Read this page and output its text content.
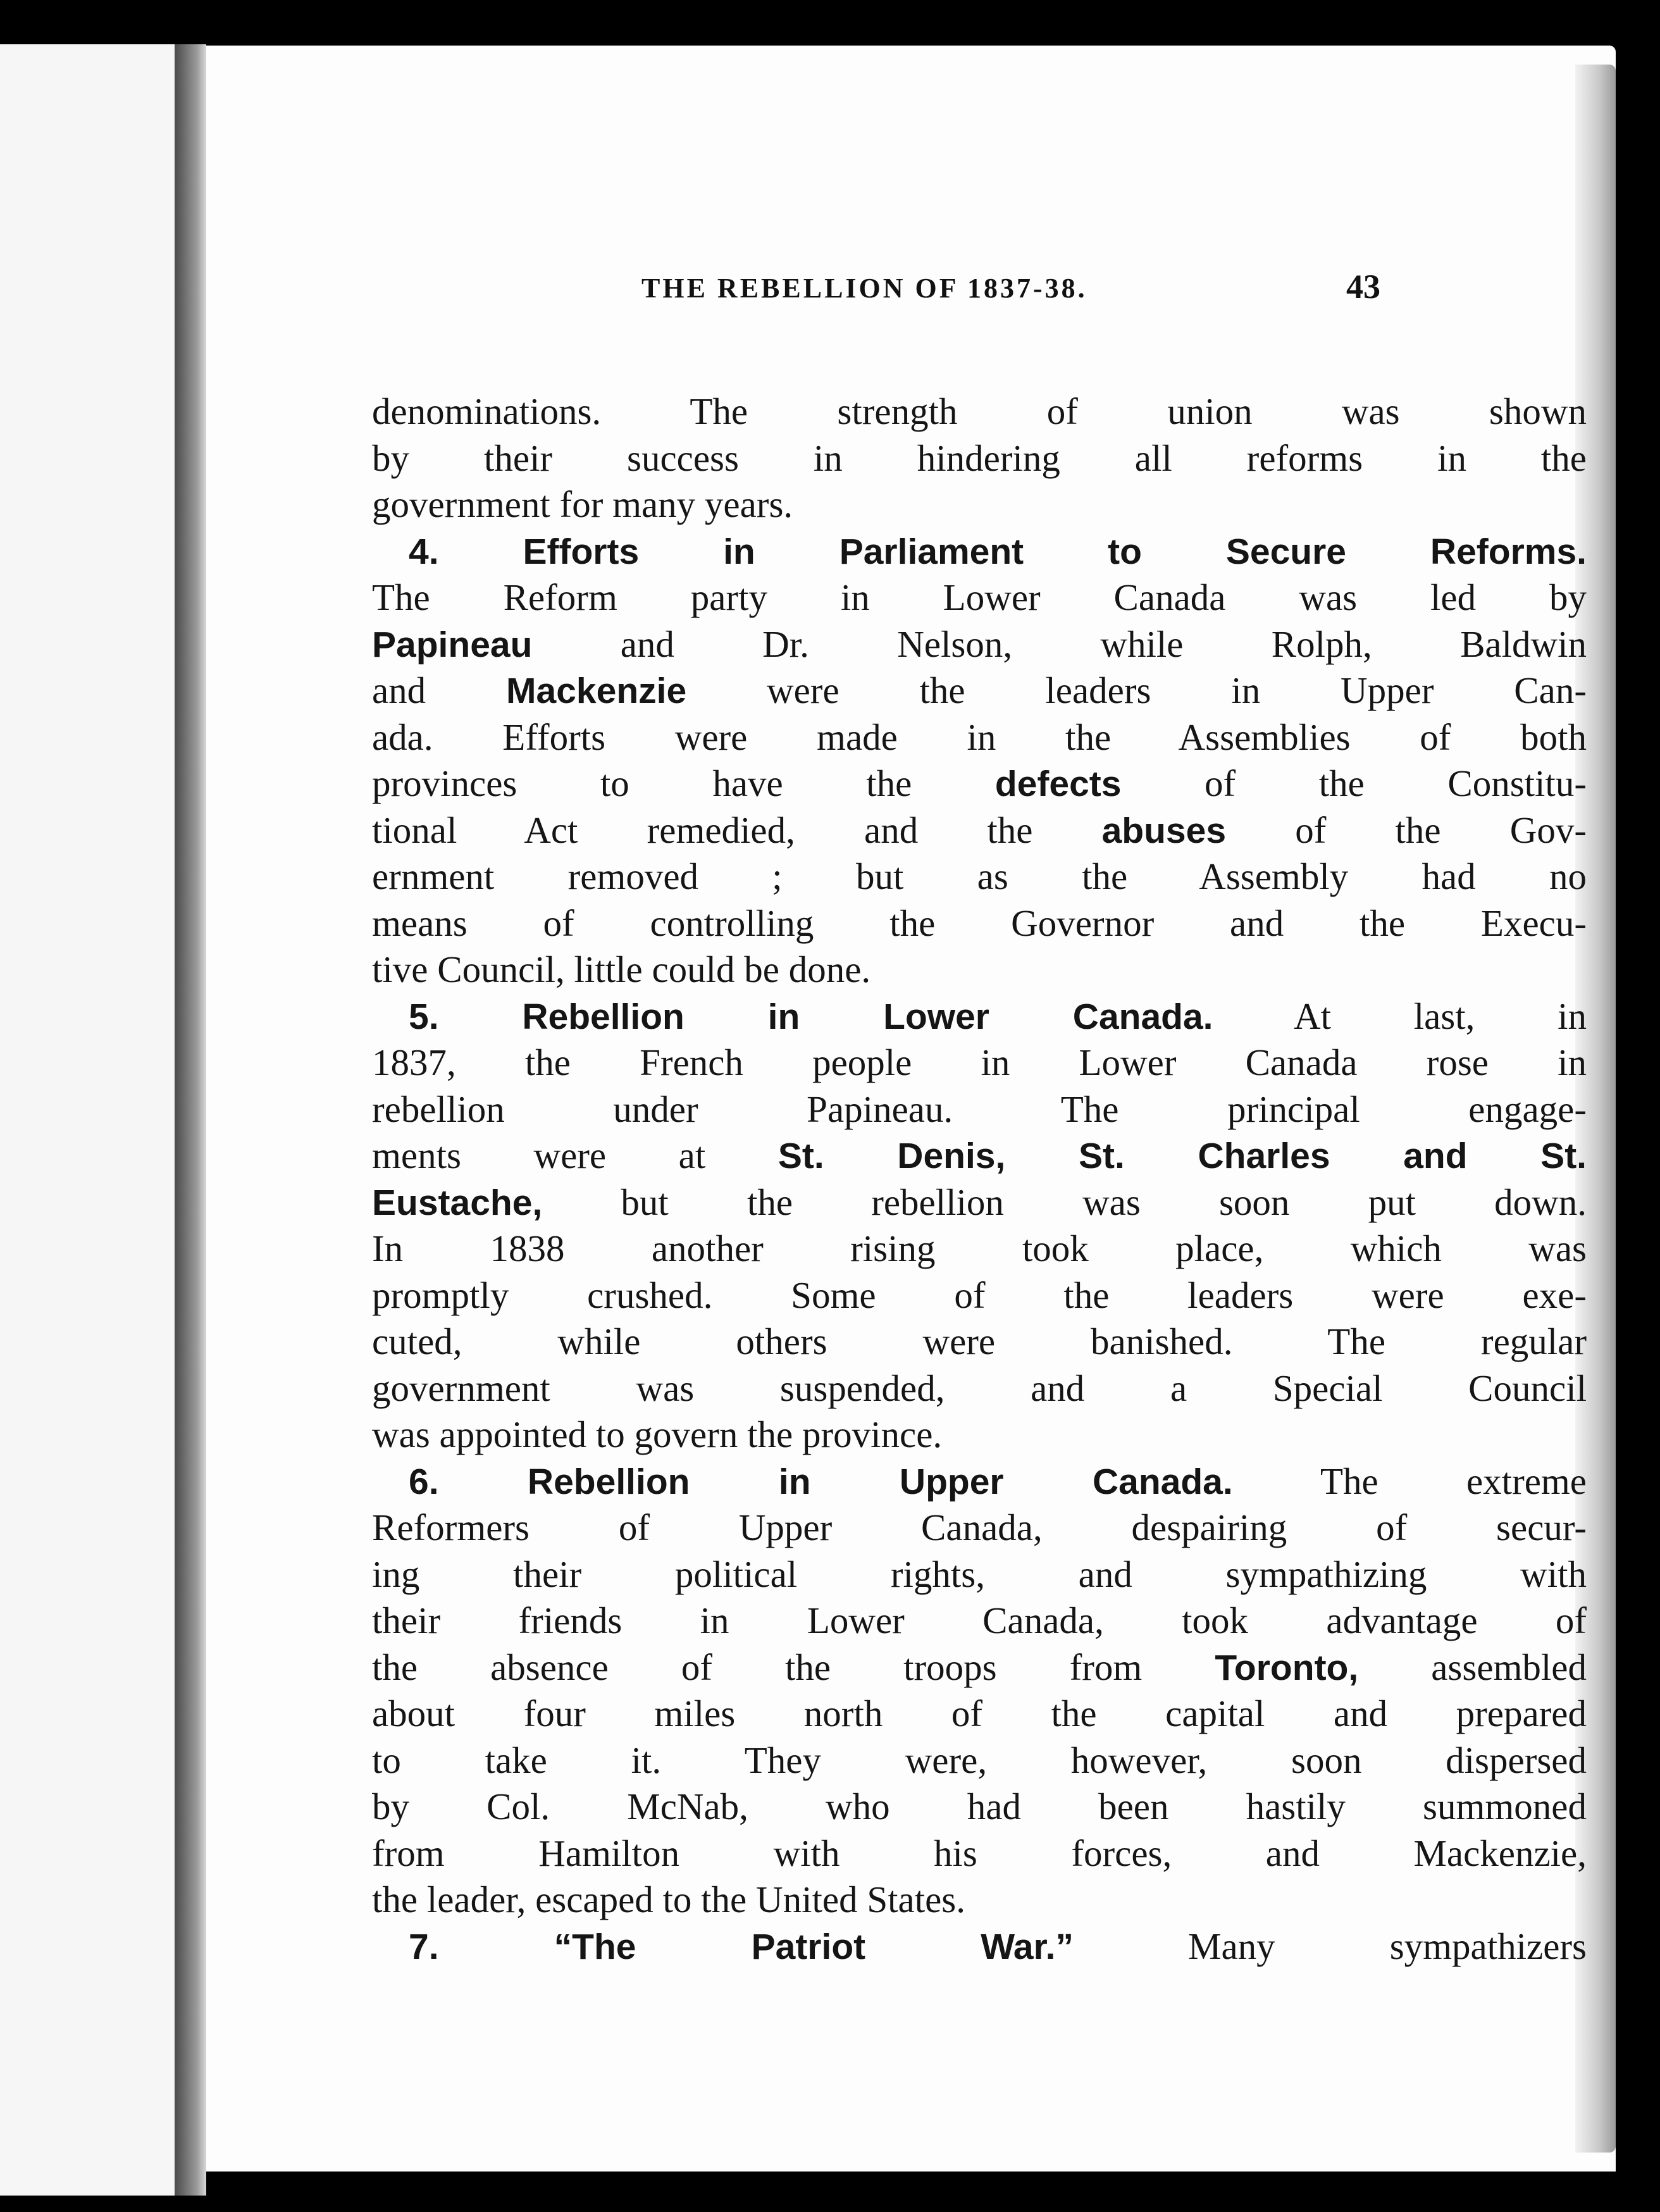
THE REBELLION OF 1837-38.	43
denominations. The strength of union was shown
by their success in hindering all reforms in the
government for many years.
4. Efforts in Parliament to Secure Reforms.
The Reform party in Lower Canada was led by
Papineau and Dr. Nelson, while Rolph, Baldwin
and Mackenzie were the leaders in Upper Can-
ada. Efforts were made in the Assemblies of both
provinces to have the defects of the Constitu-
tional Act remedied, and the abuses of the Gov-
ernment removed ; but as the Assembly had no
means of controlling the Governor and the Execu-
tive Council, little could be done.
5. Rebellion in Lower Canada. At last, in
1837, the French people in Lower Canada rose in
rebellion under Papineau. The principal engage-
ments were at St. Denis, St. Charles and St.
Eustache, but the rebellion was soon put down.
In 1838 another rising took place, which was
promptly crushed. Some of the leaders were exe-
cuted, while others were banished. The regular
government was suspended, and a Special Council
was appointed to govern the province.
6. Rebellion in Upper Canada. The extreme
Reformers of Upper Canada, despairing of secur-
ing their political rights, and sympathizing with
their friends in Lower Canada, took advantage of
the absence of the troops from Toronto, assembled
about four miles north of the capital and prepared
to take it. They were, however, soon dispersed
by Col. McNab, who had been hastily summoned
from Hamilton with his forces, and Mackenzie,
the leader, escaped to the United States.
7. “The Patriot War.” Many sympathizers
